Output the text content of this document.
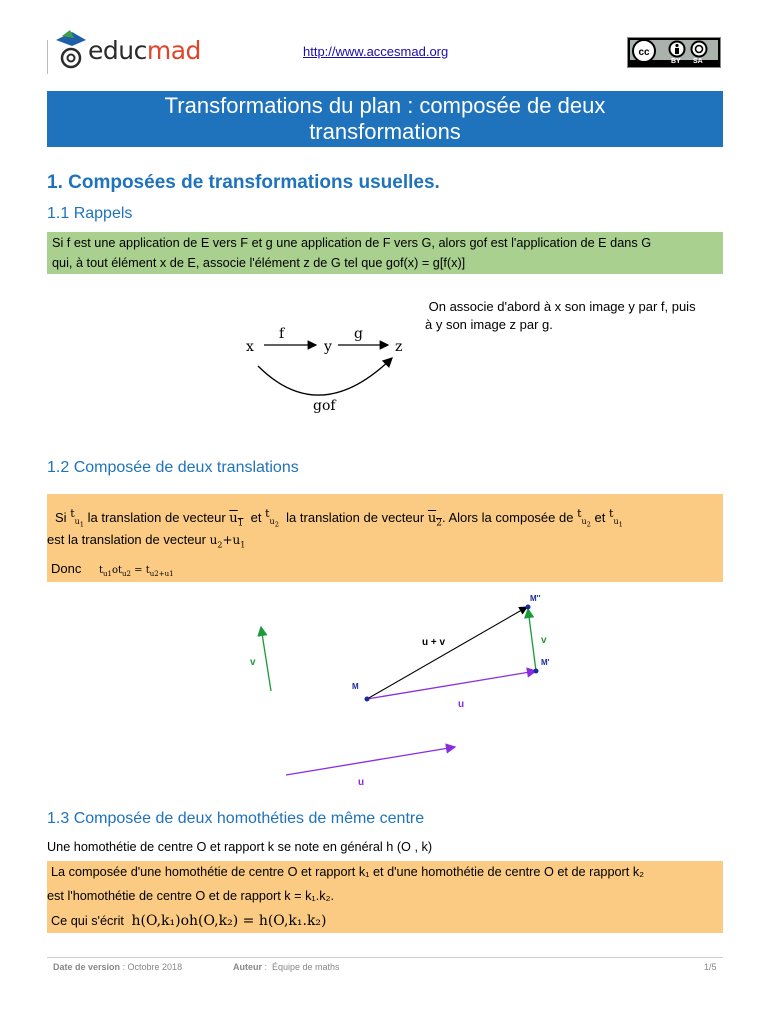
educmad	http://www.accesmad.org	cc
BY SA
Transformations du plan : composée de deux
transformations
1. Composées de transformations usuelles.
1.1 Rappels
Si f est une application de E vers F et g une application de F vers G, alors gof est l'application de E dans G
qui, à tout élément x de E, associe l'élément z de G tel que gof(x) = g[f(x)]
On associe d'abord à x son image y par f, puis
à y son image z par g.
x	y	z
f	g
gof
1.2 Composée de deux translations
Si $^tu_1$ la translation de vecteur $u_1$ et $^tu_2$ la translation de vecteur $u_2$. Alors la composée de $^tu_2$ et $^tu_1$
est la translation de vecteur $u_2+u_1$
Donc $t_{u1}ot_{u2} = t_{u2+u1}$
v
u
u + v	v
M
M'
M''
u
1.3 Composée de deux homothéties de même centre
Une homothétie de centre O et rapport k se note en général h (O , k)
La composée d'une homothétie de centre O et rapport k₁ et d'une homothétie de centre O et de rapport k₂
est l'homothétie de centre O et de rapport k = k₁.k₂.
Ce qui s'écrit h(O,k₁)oh(O,k₂) = h(O,k₁.k₂)
Date de version : Octobre 2018	Auteur :  Équipe de maths	1/5
